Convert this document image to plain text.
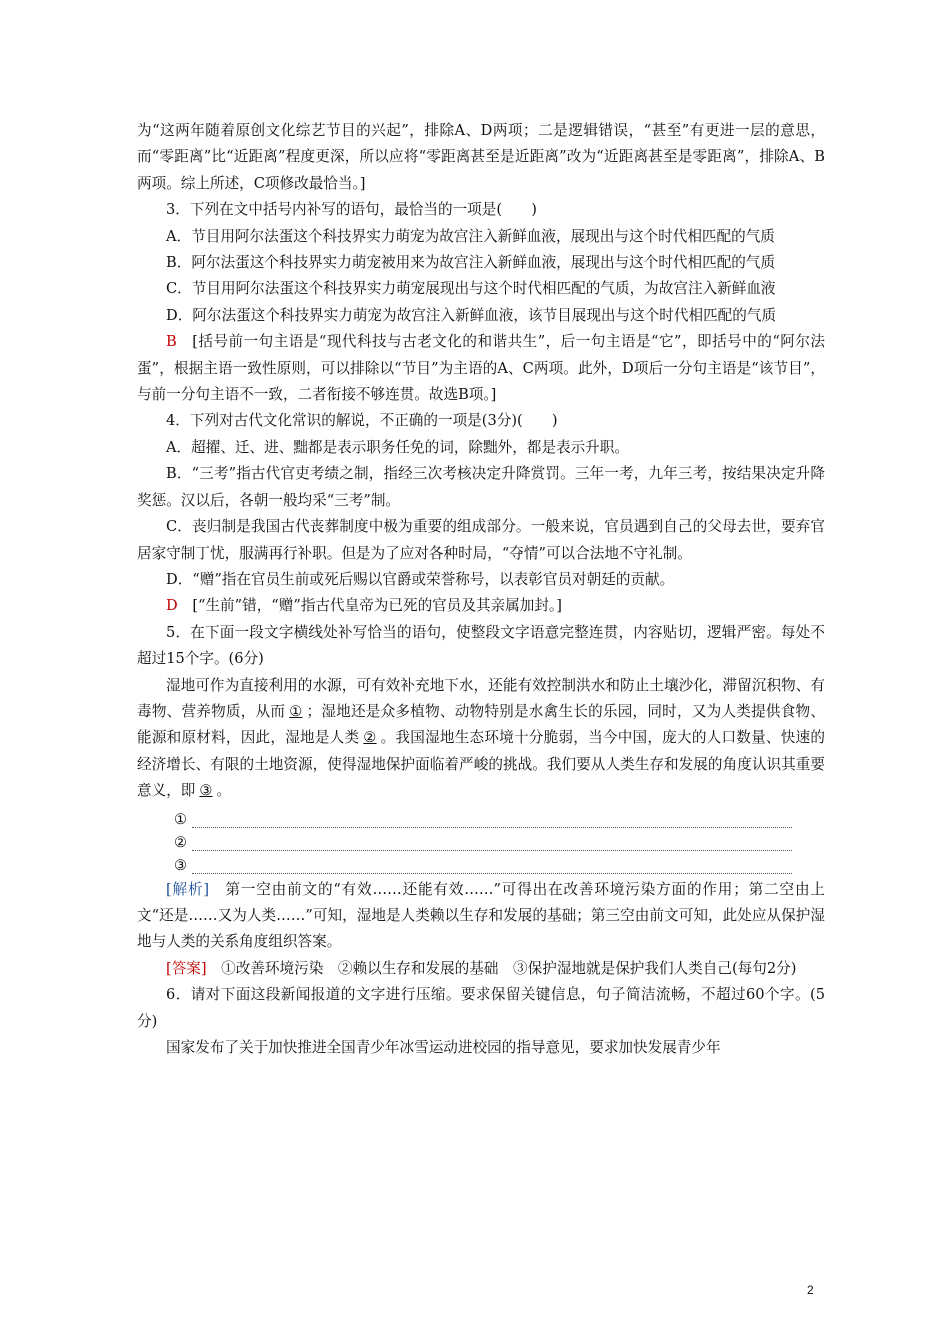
为“这两年随着原创文化综艺节目的兴起”，排除A、D两项；二是逻辑错误，“甚至”有更进一层的意思，而“零距离”比“近距离”程度更深，所以应将“零距离甚至是近距离”改为“近距离甚至是零距离”，排除A、B两项。综上所述，C项修改最恰当。]

3．下列在文中括号内补写的语句，最恰当的一项是(　　)

A．节目用阿尔法蛋这个科技界实力萌宠为故宫注入新鲜血液，展现出与这个时代相匹配的气质

B．阿尔法蛋这个科技界实力萌宠被用来为故宫注入新鲜血液，展现出与这个时代相匹配的气质

C．节目用阿尔法蛋这个科技界实力萌宠展现出与这个时代相匹配的气质，为故宫注入新鲜血液

D．阿尔法蛋这个科技界实力萌宠为故宫注入新鲜血液，该节目展现出与这个时代相匹配的气质

B　 [括号前一句主语是“现代科技与古老文化的和谐共生”，后一句主语是“它”，即括号中的“阿尔法蛋”，根据主语一致性原则，可以排除以“节目”为主语的A、C两项。此外，D项后一分句主语是“该节目”，与前一分句主语不一致，二者衔接不够连贯。故选B项。]

4．下列对古代文化常识的解说，不正确的一项是(3分)(　　)

A．超擢、迁、进、黜都是表示职务任免的词，除黜外，都是表示升职。

B．“三考”指古代官吏考绩之制，指经三次考核决定升降赏罚。三年一考，九年三考，按结果决定升降奖惩。汉以后，各朝一般均采“三考”制。

C．丧归制是我国古代丧葬制度中极为重要的组成部分。一般来说，官员遇到自己的父母去世，要弃官居家守制丁忧，服满再行补职。但是为了应对各种时局，“夺情”可以合法地不守礼制。

D．“赠”指在官员生前或死后赐以官爵或荣誉称号，以表彰官员对朝廷的贡献。

D　 [“生前”错，“赠”指古代皇帝为已死的官员及其亲属加封。]

5．在下面一段文字横线处补写恰当的语句，使整段文字语意完整连贯，内容贴切，逻辑严密。每处不超过15个字。(6分)

湿地可作为直接利用的水源，可有效补充地下水，还能有效控制洪水和防止土壤沙化，滞留沉积物、有毒物、营养物质，从而 ① ；湿地还是众多植物、动物特别是水禽生长的乐园，同时，又为人类提供食物、能源和原材料，因此，湿地是人类 ② 。我国湿地生态环境十分脆弱，当今中国，庞大的人口数量、快速的经济增长、有限的土地资源，使得湿地保护面临着严峻的挑战。我们要从人类生存和发展的角度认识其重要意义，即 ③ 。

①
②
③

[解析]　第一空由前文的“有效……还能有效……”可得出在改善环境污染方面的作用；第二空由上文“还是……又为人类……”可知，湿地是人类赖以生存和发展的基础；第三空由前文可知，此处应从保护湿地与人类的关系角度组织答案。

[答案]　①改善环境污染　②赖以生存和发展的基础　③保护湿地就是保护我们人类自己(每句2分)

6．请对下面这段新闻报道的文字进行压缩。要求保留关键信息，句子简洁流畅，不超过60个字。(5分)

国家发布了关于加快推进全国青少年冰雪运动进校园的指导意见，要求加快发展青少年

2
